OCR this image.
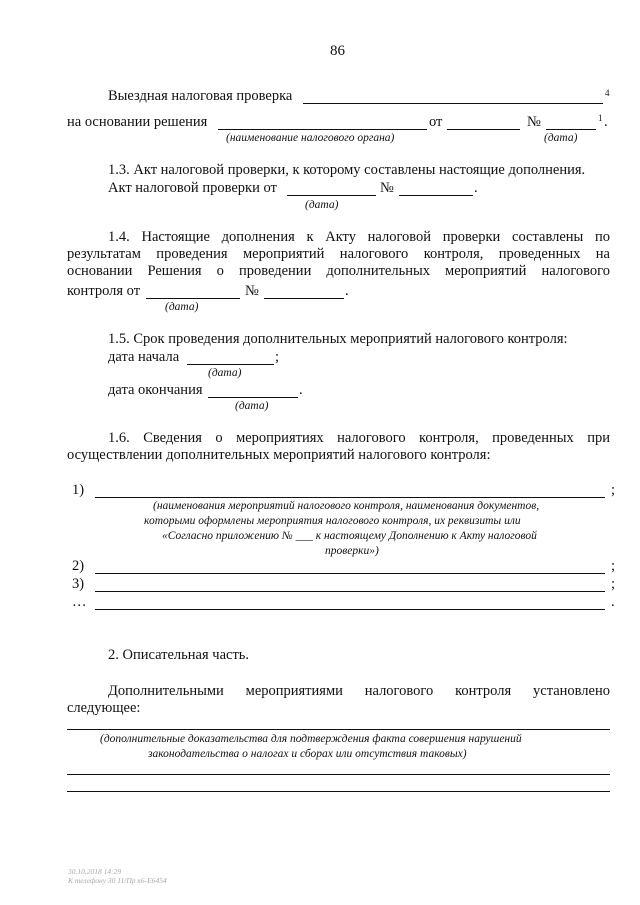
86
Выездная налоговая проверка	4
на основании решения	от	№	1 .
(наименование налогового органа)	(дата)
1.3. Акт налоговой проверки, к которому составлены настоящие дополнения.
Акт налоговой проверки от	№	.
(дата)
1.4. Настоящие дополнения к Акту налоговой проверки составлены по
результатам проведения мероприятий налогового контроля, проведенных на
основании Решения о проведении дополнительных мероприятий налогового
контроля от	№	.
(дата)
1.5. Срок проведения дополнительных мероприятий налогового контроля:
дата начала	;
(дата)
дата окончания	.
(дата)
1.6. Сведения о мероприятиях налогового контроля, проведенных при
осуществлении дополнительных мероприятий налогового контроля:
1)	;
(наименования мероприятий налогового контроля, наименования документов,
которыми оформлены мероприятия налогового контроля, их реквизиты или
«Согласно приложению № ___ к настоящему Дополнению к Акту налоговой
проверки»)
2)	;
3)	;
…	.
2. Описательная часть.
Дополнительными мероприятиями налогового контроля установлено
следующее:
(дополнительные доказательства для подтверждения факта совершения нарушений
законодательства о налогах и сборах или отсутствия таковых)
30.10.2018 14:29
К телефону 30 11/Пр к6-Е6454
